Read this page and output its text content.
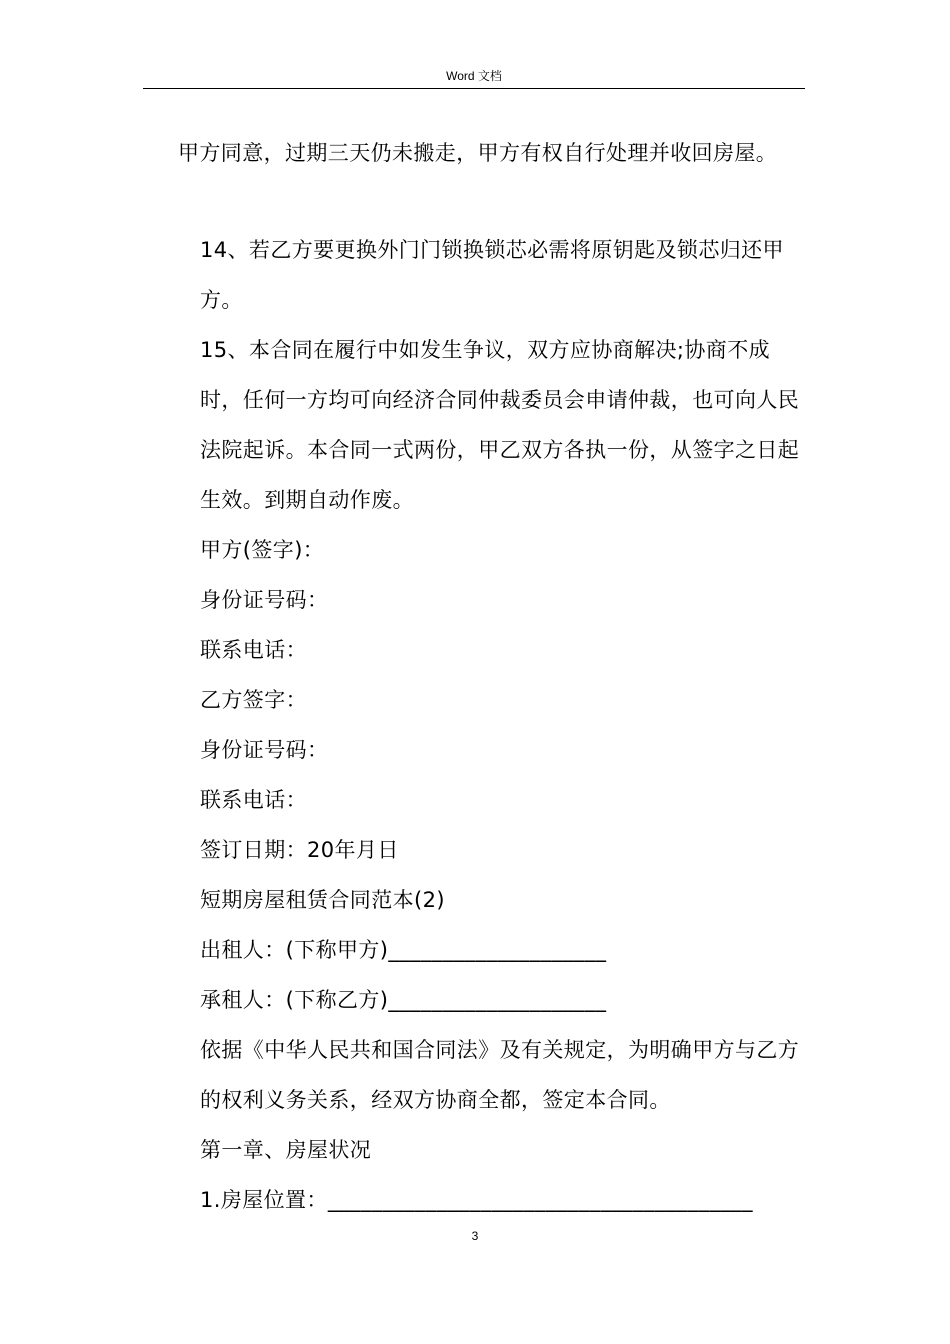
Word 文档

甲方同意，过期三天仍未搬走，甲方有权自行处理并收回房屋。

14、若乙方要更换外门门锁换锁芯必需将原钥匙及锁芯归还甲方。

15、本合同在履行中如发生争议，双方应协商解决;协商不成时，任何一方均可向经济合同仲裁委员会申请仲裁，也可向人民法院起诉。本合同一式两份，甲乙双方各执一份，从签字之日起生效。到期自动作废。

甲方(签字)：

身份证号码：

联系电话：

乙方签字：

身份证号码：

联系电话：

签订日期：20年月日

短期房屋租赁合同范本(2)

出租人：(下称甲方)____________________

承租人：(下称乙方)____________________

依据《中华人民共和国合同法》及有关规定，为明确甲方与乙方的权利义务关系，经双方协商全都，签定本合同。

第一章、房屋状况

1.房屋位置：_______________________________________

3
